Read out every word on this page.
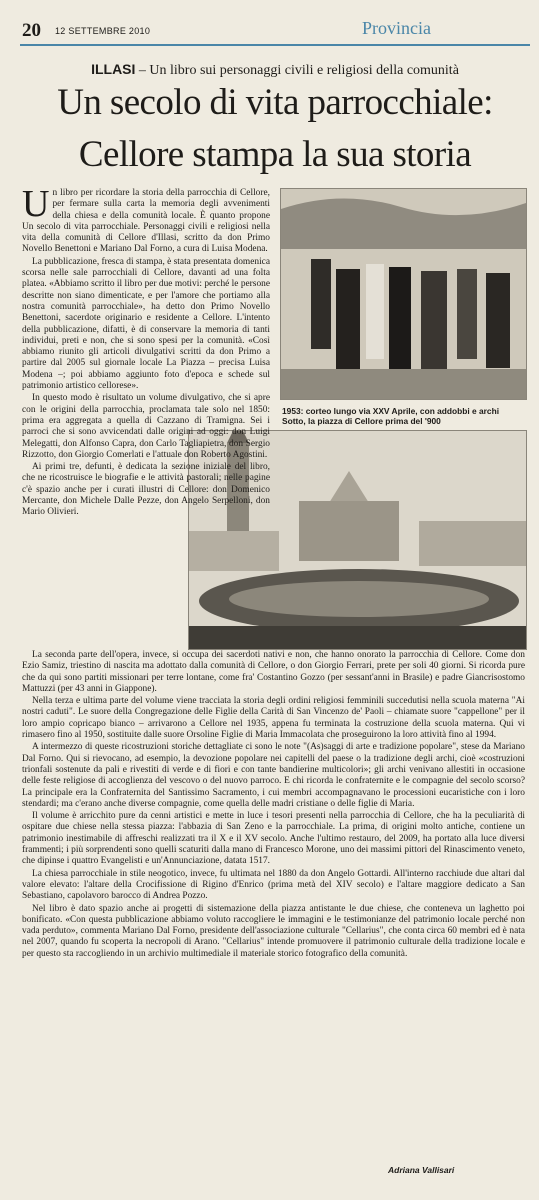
20 12 SETTEMBRE 2010	Provincia
ILLASI – Un libro sui personaggi civili e religiosi della comunità
Un secolo di vita parrocchiale:
Cellore stampa la sua storia
1953: corteo lungo via XXV Aprile, con addobbi e archi
Sotto, la piazza di Cellore prima del '900

Un libro per ricordare la storia della parrocchia di Cellore, per fermare sulla carta la memoria degli avvenimenti della chiesa e della comunità locale. È quanto propone Un secolo di vita parrocchiale. Personaggi civili e religiosi nella vita della comunità di Cellore d'Illasi, scritto da don Primo Novello Benettoni e Mariano Dal Forno, a cura di Luisa Modena.

La pubblicazione, fresca di stampa, è stata presentata domenica scorsa nelle sale parrocchiali di Cellore, davanti ad una folta platea. «Abbiamo scritto il libro per due motivi: perché le persone descritte non siano dimenticate, e per l'amore che portiamo alla nostra comunità parrocchiale», ha detto don Primo Novello Benettoni, sacerdote originario e residente a Cellore. L'intento della pubblicazione, difatti, è di conservare la memoria di tanti individui, preti e non, che si sono spesi per la comunità. «Così abbiamo riunito gli articoli divulgativi scritti da don Primo a partire dal 2005 sul giornale locale La Piazza – precisa Luisa Modena –; poi abbiamo aggiunto foto d'epoca e schede sul patrimonio artistico cellorese».

In questo modo è risultato un volume divulgativo, che si apre con le origini della parrocchia, proclamata tale solo nel 1850: prima era aggregata a quella di Cazzano di Tramigna. Sei i parroci che si sono avvicendati dalle origini ad oggi: don Luigi Melegatti, don Alfonso Capra, don Carlo Tagliapietra, don Sergio Rizzotto, don Giorgio Comerlati e l'attuale don Roberto Agostini.

Ai primi tre, defunti, è dedicata la sezione iniziale del libro, che ne ricostruisce le biografie e le attività pastorali; nelle pagine c'è spazio anche per i curati illustri di Cellore: don Domenico Mercante, don Michele Dalle Pezze, don Angelo Serpelloni, don Mario Olivieri.

La seconda parte dell'opera, invece, si occupa dei sacerdoti nativi e non, che hanno onorato la parrocchia di Cellore. Come don Ezio Samiz, triestino di nascita ma adottato dalla comunità di Cellore, o don Giorgio Ferrari, prete per soli 40 giorni. Si ricorda pure che da qui sono partiti missionari per terre lontane, come fra' Costantino Gozzo (per sessant'anni in Brasile) e padre Giancrisostomo Mattuzzi (per 43 anni in Giappone).

Nella terza e ultima parte del volume viene tracciata la storia degli ordini religiosi femminili succedutisi nella scuola materna "Ai nostri caduti". Le suore della Congregazione delle Figlie della Carità di San Vincenzo de' Paoli – chiamate suore "cappellone" per il loro ampio copricapo bianco – arrivarono a Cellore nel 1935, appena fu terminata la costruzione della scuola materna. Qui vi rimasero fino al 1950, sostituite dalle suore Orsoline Figlie di Maria Immacolata che proseguirono la loro attività fino al 1994.

A intermezzo di queste ricostruzioni storiche dettagliate ci sono le note "(As)saggi di arte e tradizione popolare", stese da Mariano Dal Forno. Qui si rievocano, ad esempio, la devozione popolare nei capitelli del paese o la tradizione degli archi, cioè «costruzioni trionfali sostenute da pali e rivestiti di verde e di fiori e con tante bandierine multicolori»; gli archi venivano allestiti in occasione delle feste religiose di accoglienza del vescovo o del nuovo parroco. E chi ricorda le confraternite e le compagnie del secolo scorso? La principale era la Confraternita del Santissimo Sacramento, i cui membri accompagnavano le processioni eucaristiche con i loro stendardi; ma c'erano anche diverse compagnie, come quella delle madri cristiane o delle figlie di Maria.

Il volume è arricchito pure da cenni artistici e mette in luce i tesori presenti nella parrocchia di Cellore, che ha la peculiarità di ospitare due chiese nella stessa piazza: l'abbazia di San Zeno e la parrocchiale. La prima, di origini molto antiche, contiene un patrimonio inestimabile di affreschi realizzati tra il X e il XV secolo. Anche l'ultimo restauro, del 2009, ha portato alla luce diversi frammenti; i più sorprendenti sono quelli scaturiti dalla mano di Francesco Morone, uno dei massimi pittori del Rinascimento veneto, che dipinse i quattro Evangelisti e un'Annunciazione, datata 1517.

La chiesa parrocchiale in stile neogotico, invece, fu ultimata nel 1880 da don Angelo Gottardi. All'interno racchiude due altari dal valore elevato: l'altare della Crocifissione di Rigino d'Enrico (prima metà del XIV secolo) e l'altare maggiore dedicato a San Sebastiano, capolavoro barocco di Andrea Pozzo.

Nel libro è dato spazio anche ai progetti di sistemazione della piazza antistante le due chiese, che conteneva un laghetto poi bonificato. «Con questa pubblicazione abbiamo voluto raccogliere le immagini e le testimonianze del patrimonio locale perché non vada perduto», commenta Mariano Dal Forno, presidente dell'associazione culturale "Cellarius", che conta circa 60 membri ed è nata nel 2007, quando fu scoperta la necropoli di Arano. "Cellarius" intende promuovere il patrimonio culturale della tradizione locale e per questo sta raccogliendo in un archivio multimediale il materiale storico fotografico della comunità.

Adriana Vallisari
